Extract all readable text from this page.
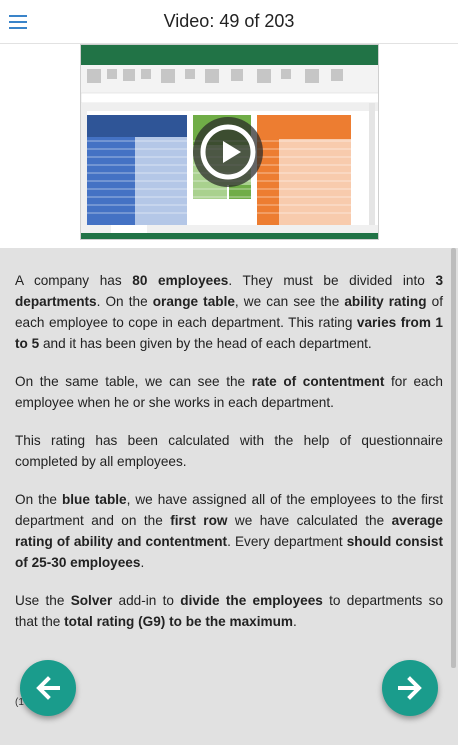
Video: 49 of 203

A company has 80 employees. They must be divided into 3 departments. On the orange table, we can see the ability rating of each employee to cope in each department. This rating varies from 1 to 5 and it has been given by the head of each department.

On the same table, we can see the rate of contentment for each employee when he or she works in each department.

This rating has been calculated with the help of questionnaire completed by all employees.

On the blue table, we have assigned all of the employees to the first department and on the first row we have calculated the average rating of ability and contentment. Every department should consist of 25-30 employees.

Use the Solver add-in to divide the employees to departments so that the total rating (G9) to be the maximum.

(1
